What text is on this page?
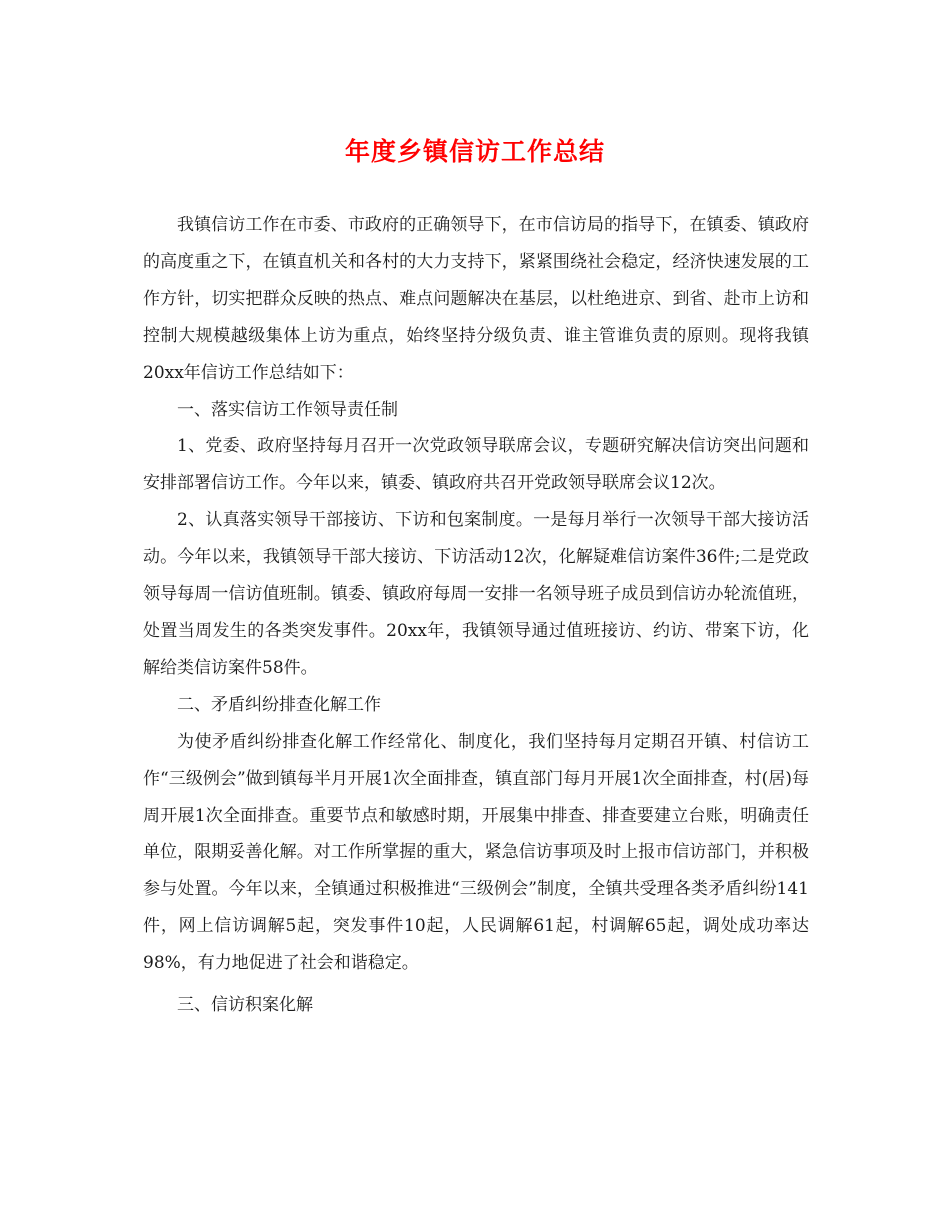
年度乡镇信访工作总结

我镇信访工作在市委、市政府的正确领导下，在市信访局的指导下，在镇委、镇政府的高度重之下，在镇直机关和各村的大力支持下，紧紧围绕社会稳定，经济快速发展的工作方针，切实把群众反映的热点、难点问题解决在基层，以杜绝进京、到省、赴市上访和控制大规模越级集体上访为重点，始终坚持分级负责、谁主管谁负责的原则。现将我镇20xx年信访工作总结如下：

一、落实信访工作领导责任制

1、党委、政府坚持每月召开一次党政领导联席会议，专题研究解决信访突出问题和安排部署信访工作。今年以来，镇委、镇政府共召开党政领导联席会议12次。

2、认真落实领导干部接访、下访和包案制度。一是每月举行一次领导干部大接访活动。今年以来，我镇领导干部大接访、下访活动12次，化解疑难信访案件36件;二是党政领导每周一信访值班制。镇委、镇政府每周一安排一名领导班子成员到信访办轮流值班，处置当周发生的各类突发事件。20xx年，我镇领导通过值班接访、约访、带案下访，化解给类信访案件58件。

二、矛盾纠纷排查化解工作

为使矛盾纠纷排查化解工作经常化、制度化，我们坚持每月定期召开镇、村信访工作“三级例会”做到镇每半月开展1次全面排查，镇直部门每月开展1次全面排查，村(居)每周开展1次全面排查。重要节点和敏感时期，开展集中排查、排查要建立台账，明确责任单位，限期妥善化解。对工作所掌握的重大，紧急信访事项及时上报市信访部门，并积极参与处置。今年以来，全镇通过积极推进“三级例会”制度，全镇共受理各类矛盾纠纷141件，网上信访调解5起，突发事件10起，人民调解61起，村调解65起，调处成功率达98%，有力地促进了社会和谐稳定。

三、信访积案化解
